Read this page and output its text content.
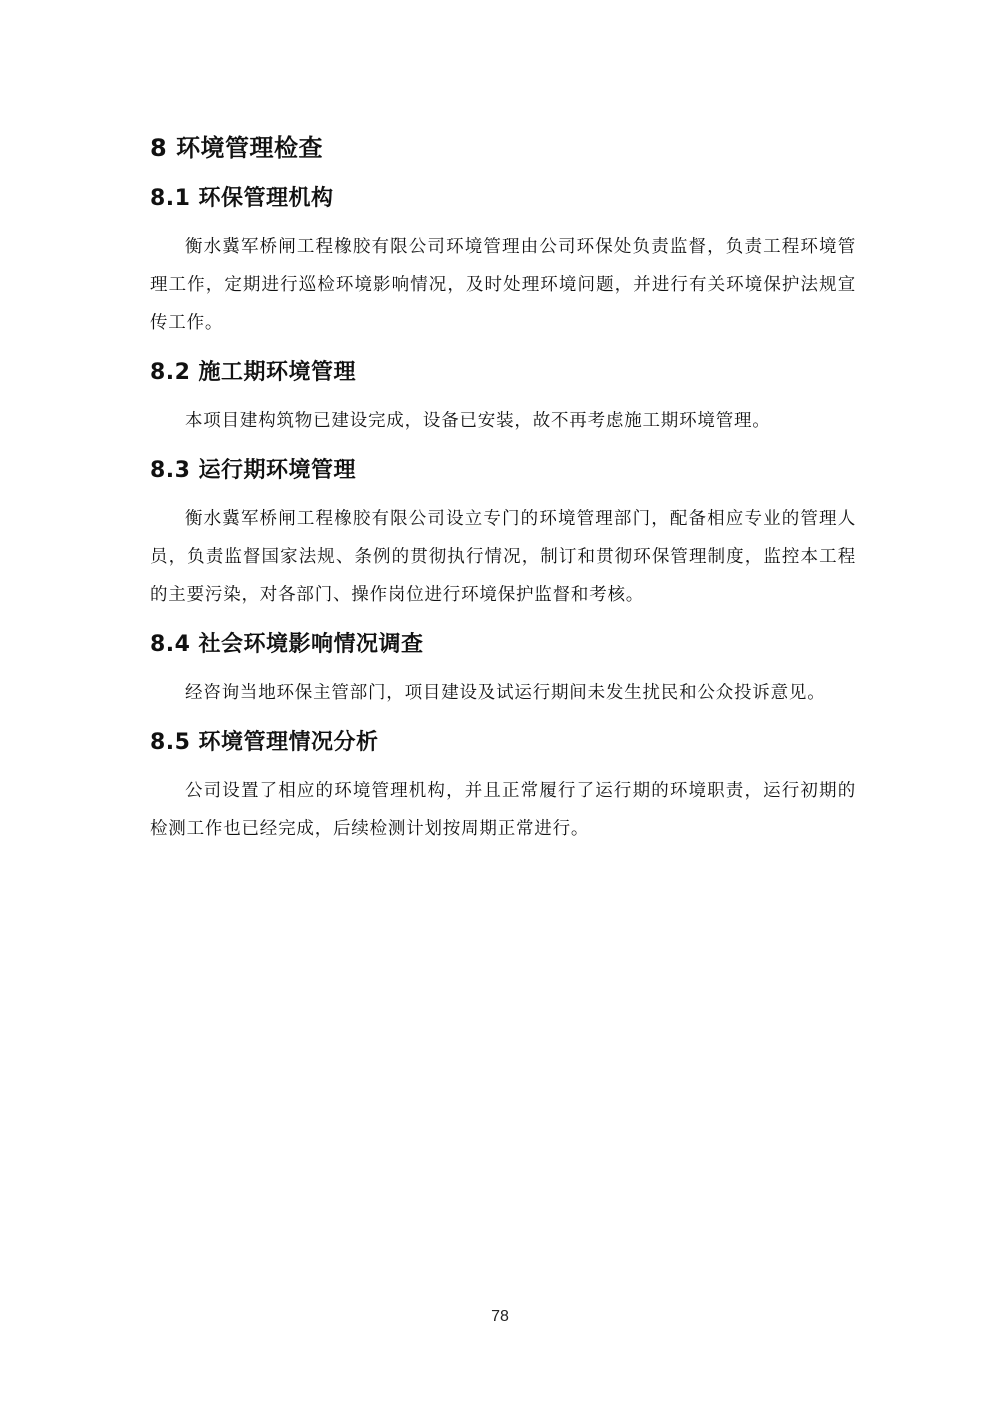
8 环境管理检查
8.1 环保管理机构

衡水冀军桥闸工程橡胶有限公司环境管理由公司环保处负责监督，负责工程环境管理工作，定期进行巡检环境影响情况，及时处理环境问题，并进行有关环境保护法规宣传工作。

8.2 施工期环境管理

本项目建构筑物已建设完成，设备已安装，故不再考虑施工期环境管理。

8.3 运行期环境管理

衡水冀军桥闸工程橡胶有限公司设立专门的环境管理部门，配备相应专业的管理人员，负责监督国家法规、条例的贯彻执行情况，制订和贯彻环保管理制度，监控本工程的主要污染，对各部门、操作岗位进行环境保护监督和考核。

8.4 社会环境影响情况调查

经咨询当地环保主管部门，项目建设及试运行期间未发生扰民和公众投诉意见。

8.5 环境管理情况分析

公司设置了相应的环境管理机构，并且正常履行了运行期的环境职责，运行初期的检测工作也已经完成，后续检测计划按周期正常进行。

78
